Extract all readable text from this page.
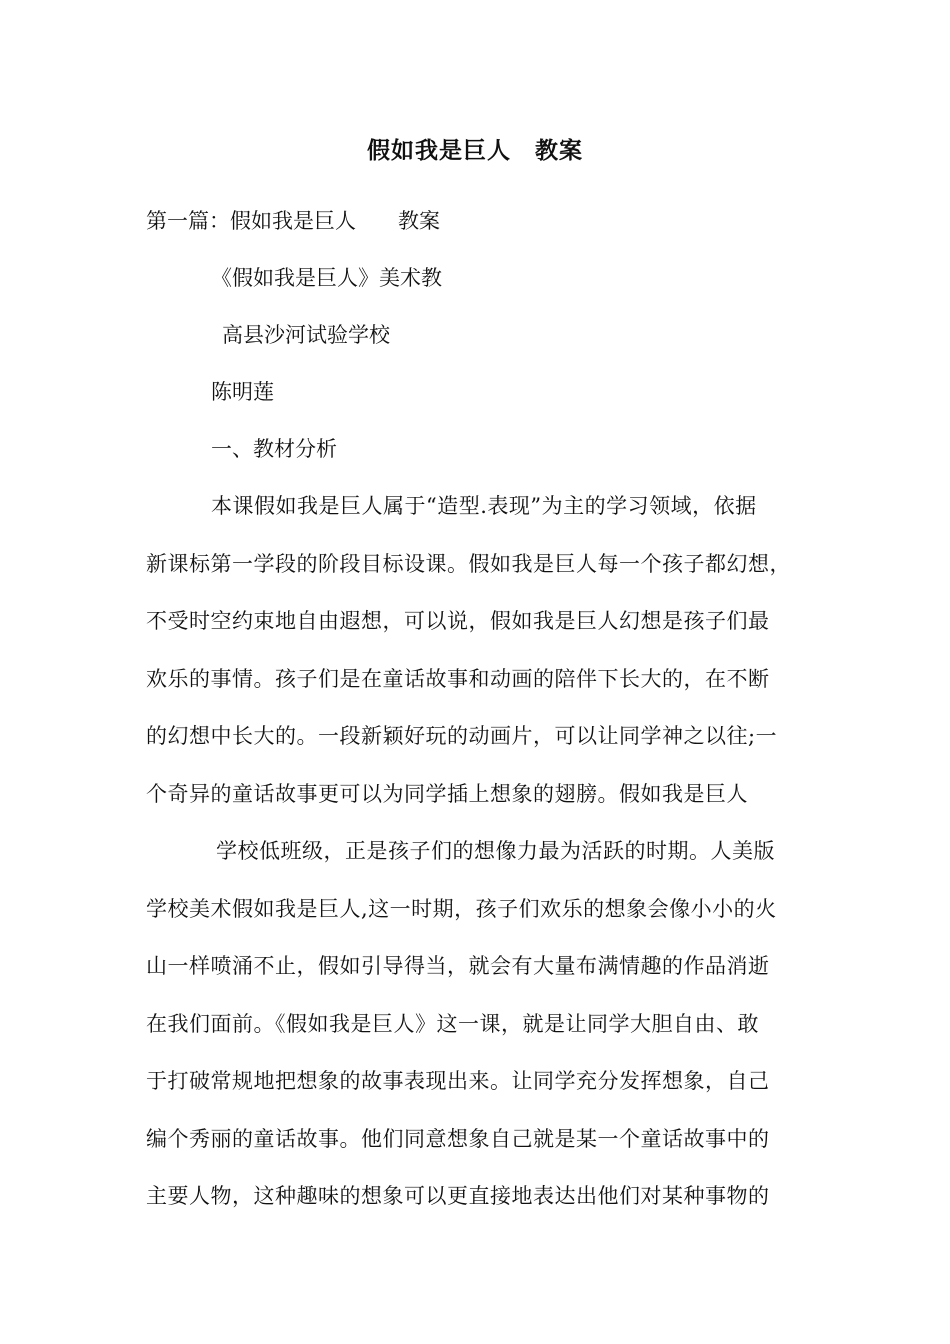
假如我是巨人　教案
第一篇：假如我是巨人　　教案
《假如我是巨人》美术教
高县沙河试验学校
陈明莲
一、教材分析
本课假如我是巨人属于“造型.表现”为主的学习领域，依据
新课标第一学段的阶段目标设课。假如我是巨人每一个孩子都幻想，
不受时空约束地自由遐想，可以说，假如我是巨人幻想是孩子们最
欢乐的事情。孩子们是在童话故事和动画的陪伴下长大的，在不断
的幻想中长大的。一段新颖好玩的动画片，可以让同学神之以往;一
个奇异的童话故事更可以为同学插上想象的翅膀。假如我是巨人
学校低班级，正是孩子们的想像力最为活跃的时期。人美版
学校美术假如我是巨人,这一时期，孩子们欢乐的想象会像小小的火
山一样喷涌不止，假如引导得当，就会有大量布满情趣的作品消逝
在我们面前。《假如我是巨人》这一课，就是让同学大胆自由、敢
于打破常规地把想象的故事表现出来。让同学充分发挥想象，自己
编个秀丽的童话故事。他们同意想象自己就是某一个童话故事中的
主要人物，这种趣味的想象可以更直接地表达出他们对某种事物的
